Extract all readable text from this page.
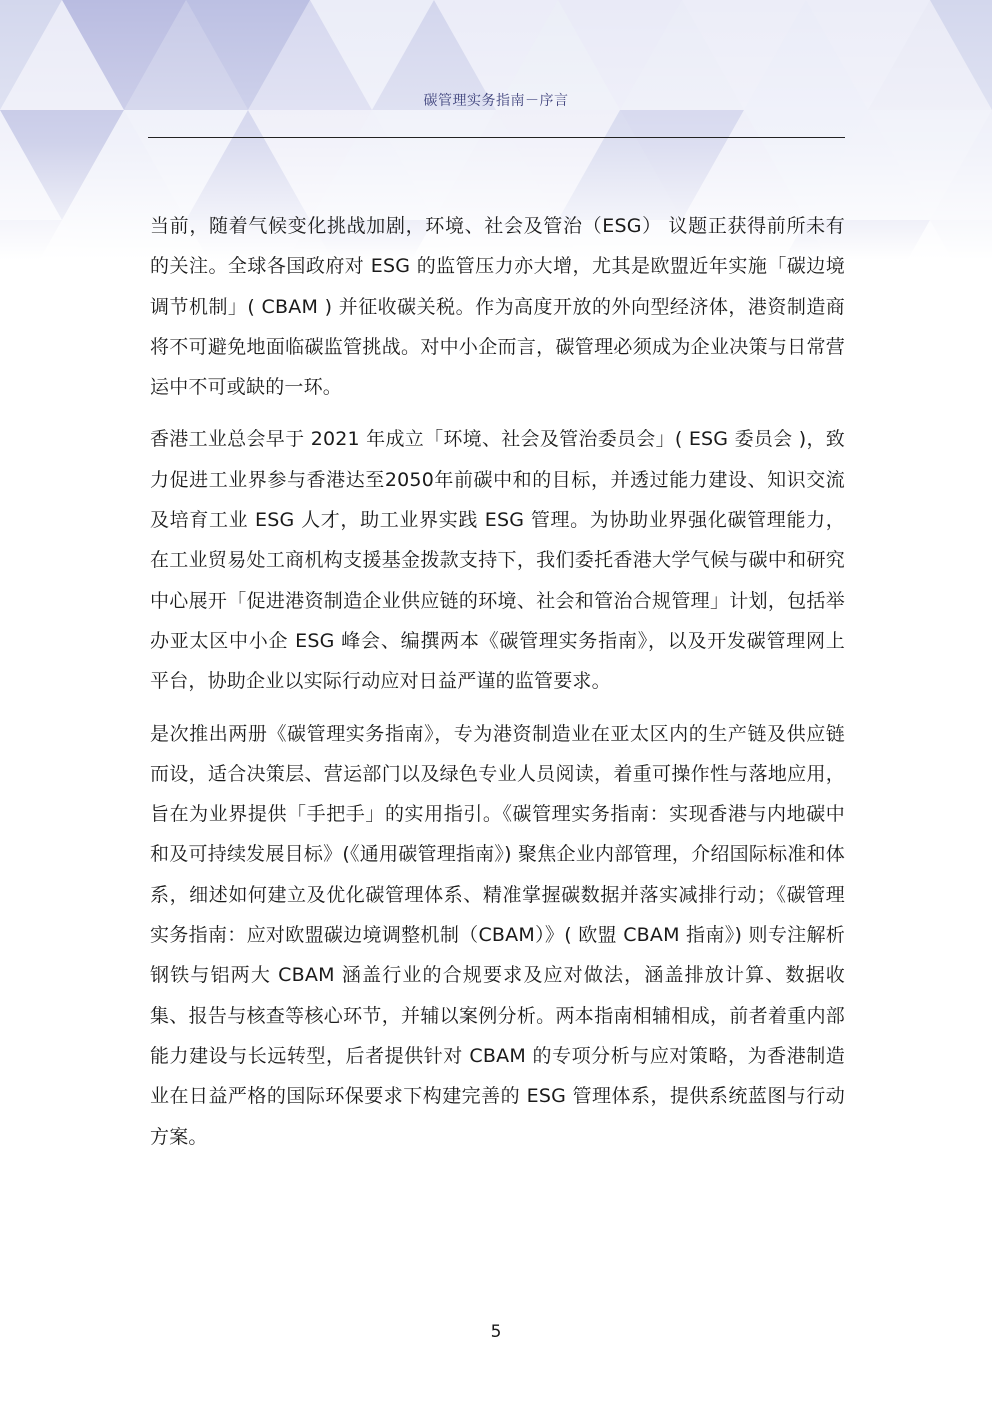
碳管理实务指南－序言

当前，随着气候变化挑战加剧，环境、社会及管治（ESG） 议题正获得前所未有的关注。全球各国政府对 ESG 的监管压力亦大增，尤其是欧盟近年实施「碳边境调节机制」( CBAM ) 并征收碳关税。作为高度开放的外向型经济体，港资制造商将不可避免地面临碳监管挑战。对中小企而言，碳管理必须成为企业决策与日常营运中不可或缺的一环。

香港工业总会早于 2021 年成立「环境、社会及管治委员会」( ESG 委员会 )，致力促进工业界参与香港达至2050年前碳中和的目标，并透过能力建设、知识交流及培育工业 ESG 人才，助工业界实践 ESG 管理。为协助业界强化碳管理能力，在工业贸易处工商机构支援基金拨款支持下，我们委托香港大学气候与碳中和研究中心展开「促进港资制造企业供应链的环境、社会和管治合规管理」计划，包括举办亚太区中小企 ESG 峰会、编撰两本《碳管理实务指南》，以及开发碳管理网上平台，协助企业以实际行动应对日益严谨的监管要求。

是次推出两册《碳管理实务指南》，专为港资制造业在亚太区内的生产链及供应链而设，适合决策层、营运部门以及绿色专业人员阅读，着重可操作性与落地应用，旨在为业界提供「手把手」的实用指引。《碳管理实务指南：实现香港与内地碳中和及可持续发展目标》(《通用碳管理指南》) 聚焦企业内部管理，介绍国际标准和体系，细述如何建立及优化碳管理体系、精准掌握碳数据并落实减排行动；《碳管理实务指南：应对欧盟碳边境调整机制（CBAM）》( 欧盟 CBAM 指南》) 则专注解析钢铁与铝两大 CBAM 涵盖行业的合规要求及应对做法，涵盖排放计算、数据收集、报告与核查等核心环节，并辅以案例分析。两本指南相辅相成，前者着重内部能力建设与长远转型，后者提供针对 CBAM 的专项分析与应对策略，为香港制造业在日益严格的国际环保要求下构建完善的 ESG 管理体系，提供系统蓝图与行动方案。

5
